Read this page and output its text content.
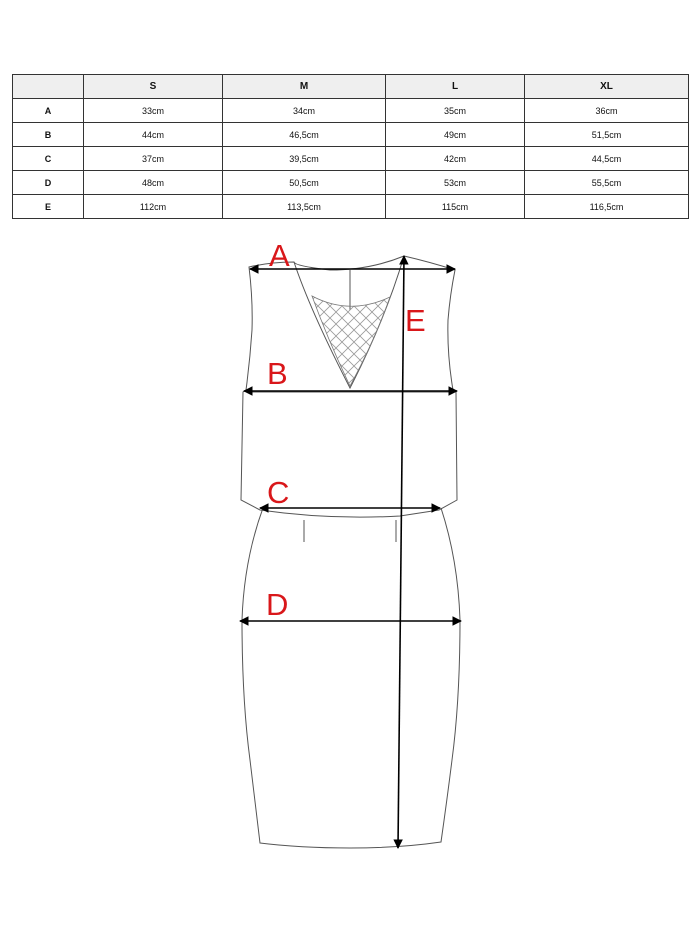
	S	M	L	XL
A	33cm	34cm	35cm	36cm
B	44cm	46,5cm	49cm	51,5cm
C	37cm	39,5cm	42cm	44,5cm
D	48cm	50,5cm	53cm	55,5cm
E	112cm	113,5cm	115cm	116,5cm
A
B
C
D
E
